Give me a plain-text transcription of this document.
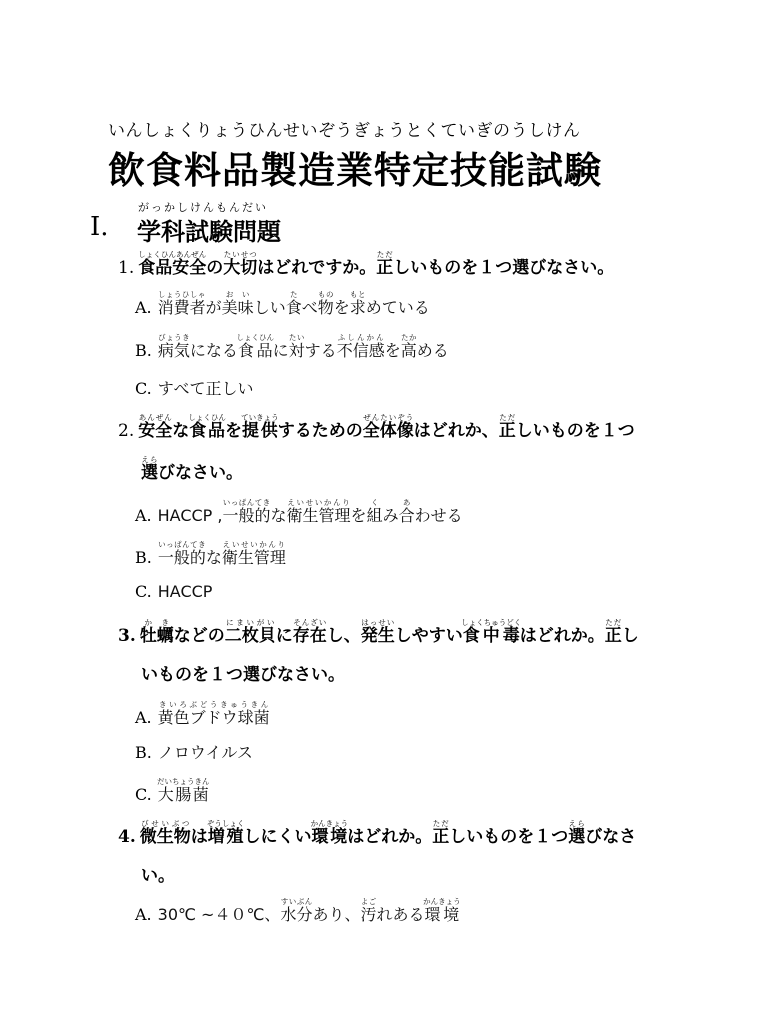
いんしょくりょうひんせいぞうぎょうとくていぎのうしけん
飲食料品製造業特定技能試験
がっかしけんもんだい
I. 学科試験問題
1. 食品安全しょくひんあんぜんの大切たいせつはどれですか。正ただしいものを１つ選びなさい。
A. 消費者しょうひしゃが美味おいしい食たべ物ものを求もとめている
B. 病気びょうきになる食品しょくひんに対たいする不信感ふしんかんを高たかめる
C. すべて正しい
2. 安全あんぜんな食品しょくひんを提供ていきょうするための全体像ぜんたいぞうはどれか、正ただしいものを１つ
選えらびなさい。
A. HACCP ,一般的いっぱんてきな衛生管理えいせいかんりを組くみ合あわせる
B. 一般的いっぱんてきな衛生管理えいせいかんり
C. HACCP
3. 牡蠣かきなどの二枚貝にまいがいに存在そんざいし、発生はっせいしやすい食中毒しょくちゅうどくはどれか。正ただし
いものを１つ選びなさい。
A. 黄色ブドウ球菌きいろぶどうきゅうきん
B. ノロウイルス
C. 大腸菌だいちょうきん
4. 微生物びせいぶつは増殖ぞうしょくしにくい環境かんきょうはどれか。正ただしいものを１つ選えらびなさ
い。
A. 30℃ ~４０℃、水分すいぶんあり、汚よごれある環境かんきょう
